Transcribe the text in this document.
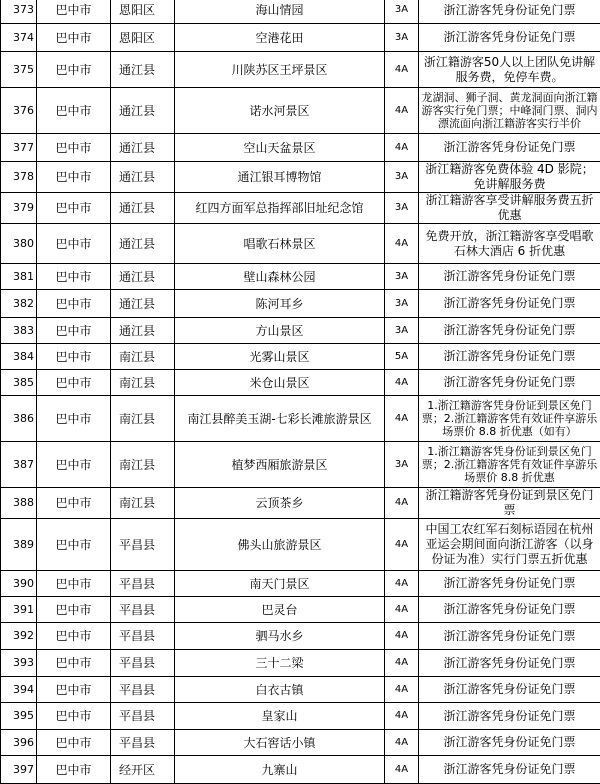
373	巴中市	恩阳区	海山情园	3A	浙江游客凭身份证免门票
374	巴中市	恩阳区	空港花田	3A	浙江游客凭身份证免门票
375	巴中市	通江县	川陕苏区王坪景区	4A	浙江籍游客50人以上团队免讲解服务费，免停车费。
376	巴中市	通江县	诺水河景区	4A	龙湖洞、狮子洞、黄龙洞面向浙江籍游客实行免门票；中峰洞门票、洞内漂流面向浙江籍游客实行半价
377	巴中市	通江县	空山天盆景区	4A	浙江游客凭身份证免门票
378	巴中市	通江县	通江银耳博物馆	3A	浙江籍游客免费体验 4D 影院；免讲解服务费
379	巴中市	通江县	红四方面军总指挥部旧址纪念馆	3A	浙江籍游客享受讲解服务费五折优惠
380	巴中市	通江县	唱歌石林景区	4A	免费开放，浙江籍游客享受唱歌石林大酒店 6 折优惠
381	巴中市	通江县	壁山森林公园	3A	浙江游客凭身份证免门票
382	巴中市	通江县	陈河耳乡	3A	浙江游客凭身份证免门票
383	巴中市	通江县	方山景区	3A	浙江游客凭身份证免门票
384	巴中市	南江县	光雾山景区	5A	浙江游客凭身份证免门票
385	巴中市	南江县	米仓山景区	4A	浙江游客凭身份证免门票
386	巴中市	南江县	南江县醉美玉湖-七彩长滩旅游景区	4A	1.浙江籍游客凭身份证到景区免门票；2.浙江籍游客凭有效证件享游乐场票价 8.8 折优惠（如有）
387	巴中市	南江县	植梦西厢旅游景区	3A	1.浙江籍游客凭身份证到景区免门票；2.浙江籍游客凭有效证件享游乐场票价 8.8 折优惠
388	巴中市	南江县	云顶茶乡	4A	浙江籍游客凭身份证到景区免门票
389	巴中市	平昌县	佛头山旅游景区	4A	中国工农红军石刻标语园在杭州亚运会期间面向浙江游客（以身份证为准）实行门票五折优惠
390	巴中市	平昌县	南天门景区	4A	浙江游客凭身份证免门票
391	巴中市	平昌县	巴灵台	4A	浙江游客凭身份证免门票
392	巴中市	平昌县	驷马水乡	4A	浙江游客凭身份证免门票
393	巴中市	平昌县	三十二梁	4A	浙江游客凭身份证免门票
394	巴中市	平昌县	白衣古镇	4A	浙江游客凭身份证免门票
395	巴中市	平昌县	皇家山	4A	浙江游客凭身份证免门票
396	巴中市	平昌县	大石窖话小镇	4A	浙江游客凭身份证免门票
397	巴中市	经开区	九寨山	4A	浙江游客凭身份证免门票
